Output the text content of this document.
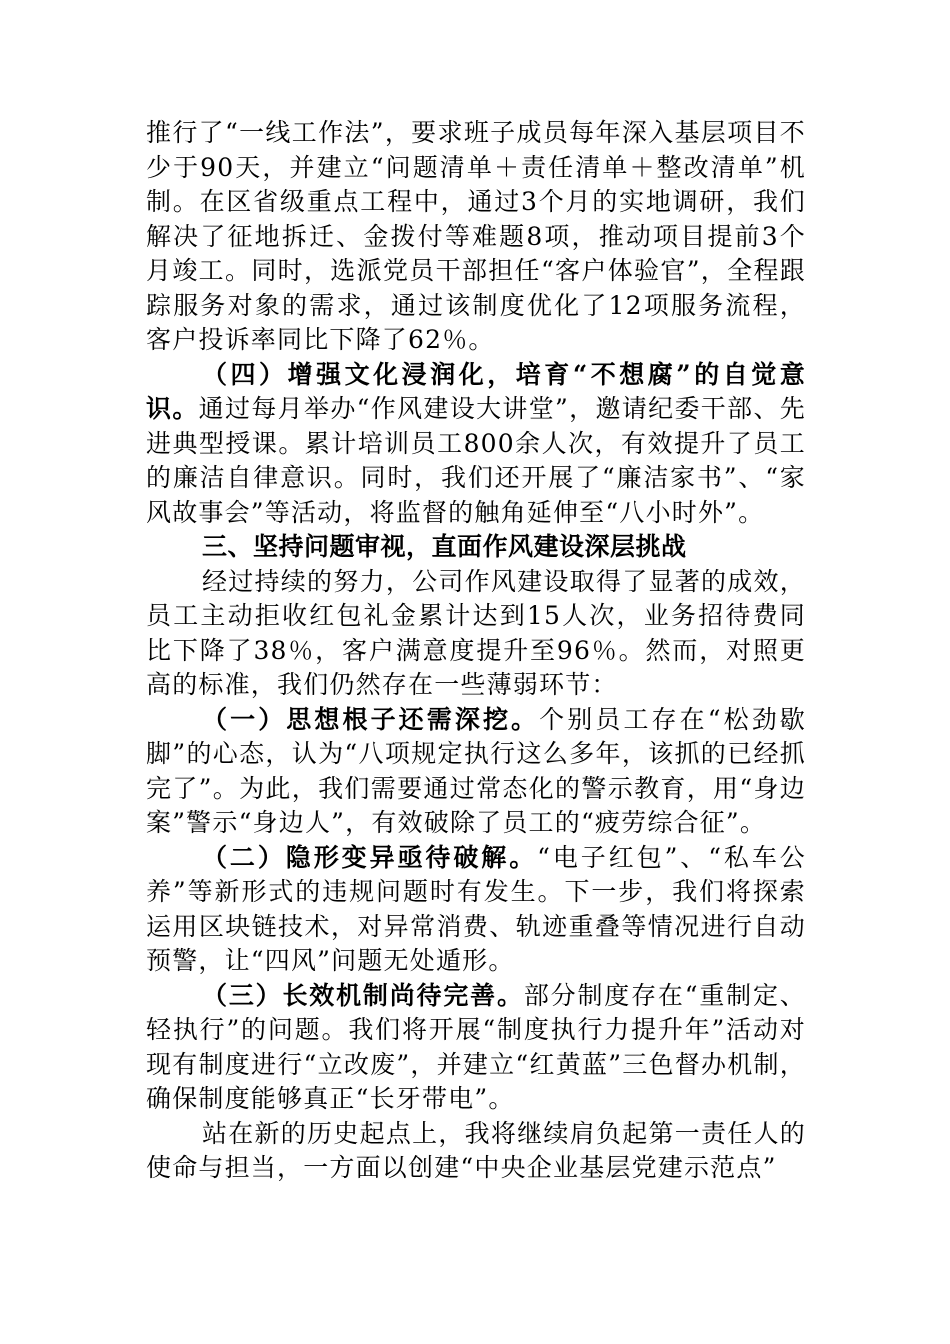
推行了“一线工作法”，要求班子成员每年深入基层项目不少于90天，并建立“问题清单＋责任清单＋整改清单”机制。在区省级重点工程中，通过3个月的实地调研，我们解决了征地拆迁、金拨付等难题8项，推动项目提前3个月竣工。同时，选派党员干部担任“客户体验官”，全程跟踪服务对象的需求，通过该制度优化了12项服务流程，客户投诉率同比下降了62％。

（四）增强文化浸润化，培育“不想腐”的自觉意识。通过每月举办“作风建设大讲堂”，邀请纪委干部、先进典型授课。累计培训员工800余人次，有效提升了员工的廉洁自律意识。同时，我们还开展了“廉洁家书”、“家风故事会”等活动，将监督的触角延伸至“八小时外”。

三、坚持问题审视，直面作风建设深层挑战

经过持续的努力，公司作风建设取得了显著的成效，员工主动拒收红包礼金累计达到15人次，业务招待费同比下降了38％，客户满意度提升至96％。然而，对照更高的标准，我们仍然存在一些薄弱环节：

（一）思想根子还需深挖。个别员工存在“松劲歇脚”的心态，认为“八项规定执行这么多年，该抓的已经抓完了”。为此，我们需要通过常态化的警示教育，用“身边案”警示“身边人”，有效破除了员工的“疲劳综合征”。

（二）隐形变异亟待破解。“电子红包”、“私车公养”等新形式的违规问题时有发生。下一步，我们将探索运用区块链技术，对异常消费、轨迹重叠等情况进行自动预警，让“四风”问题无处遁形。

（三）长效机制尚待完善。部分制度存在“重制定、轻执行”的问题。我们将开展“制度执行力提升年”活动对现有制度进行“立改废”，并建立“红黄蓝”三色督办机制，确保制度能够真正“长牙带电”。

站在新的历史起点上，我将继续肩负起第一责任人的使命与担当，一方面以创建“中央企业基层党建示范点”
